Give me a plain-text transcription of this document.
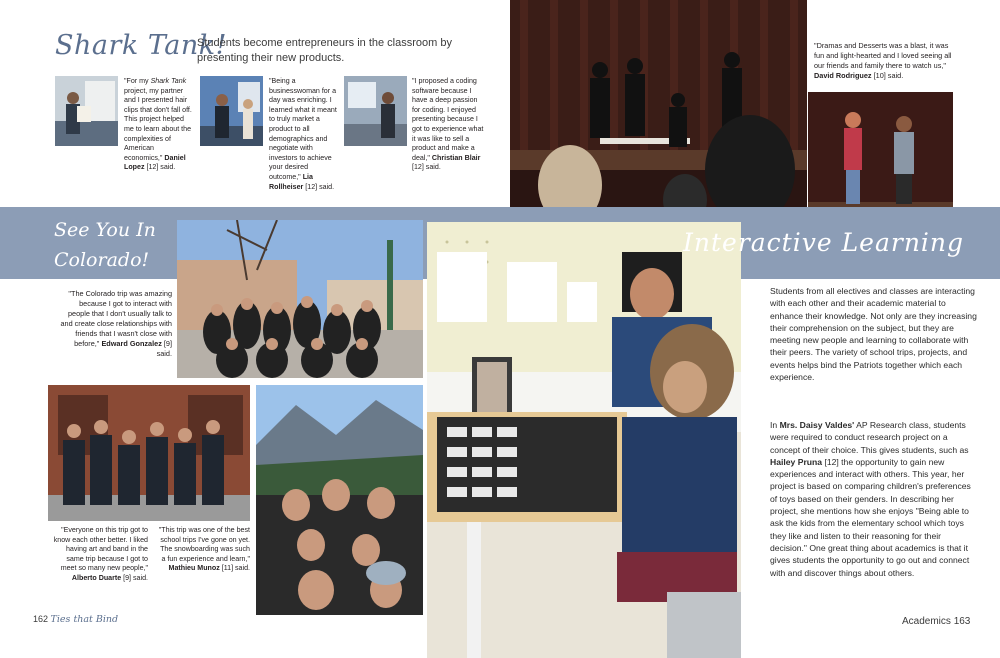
Shark Tank!
Students become entrepreneurs in the classroom by presenting their new products.
"For my Shark Tank project, my partner and I presented hair clips that don't fall off. This project helped me to learn about the complexities of American economics," Daniel Lopez [12] said.
"Being a businesswoman for a day was enriching. I learned what it meant to truly market a product to all demographics and negotiate with investors to achieve your desired outcome," Lia Rollheiser [12] said.
"I proposed a coding software because I have a deep passion for coding. I enjoyed presenting because I got to experience what it was like to sell a product and make a deal," Christian Blair [12] said.
"Dramas and Desserts was a blast, it was fun and light-hearted and I loved seeing all our friends and family there to watch us," David Rodriguez [10] said.
See You In Colorado!
"The Colorado trip was amazing because I got to interact with people that I don't usually talk to and create close relationships with friends that I wasn't close with before," Edward Gonzalez [9] said.
"Everyone on this trip got to know each other better. I liked having art and band in the same trip because I got to meet so many new people," Alberto Duarte [9] said.
"This trip was one of the best school trips I've gone on yet. The snowboarding was such a fun experience and learn," Mathieu Munoz [11] said.
Interactive Learning
Students from all electives and classes are interacting with each other and their academic material to enhance their knowledge. Not only are they increasing their comprehension on the subject, but they are meeting new people and learning to collaborate with their peers. The variety of school trips, projects, and events helps bind the Patriots together which each experience.
In Mrs. Daisy Valdes' AP Research class, students were required to conduct research project on a concept of their choice. This gives students, such as Hailey Pruna [12] the opportunity to gain new experiences and interact with others. This year, her project is based on comparing children's preferences of toys based on their genders. In describing her project, she mentions how she enjoys "Being able to ask the kids from the elementary school which toys they like and listen to their reasoning for their decision." One great thing about academics is that it gives students the opportunity to go out and connect with and discover things about others.
162 Ties that Bind	Academics 163
